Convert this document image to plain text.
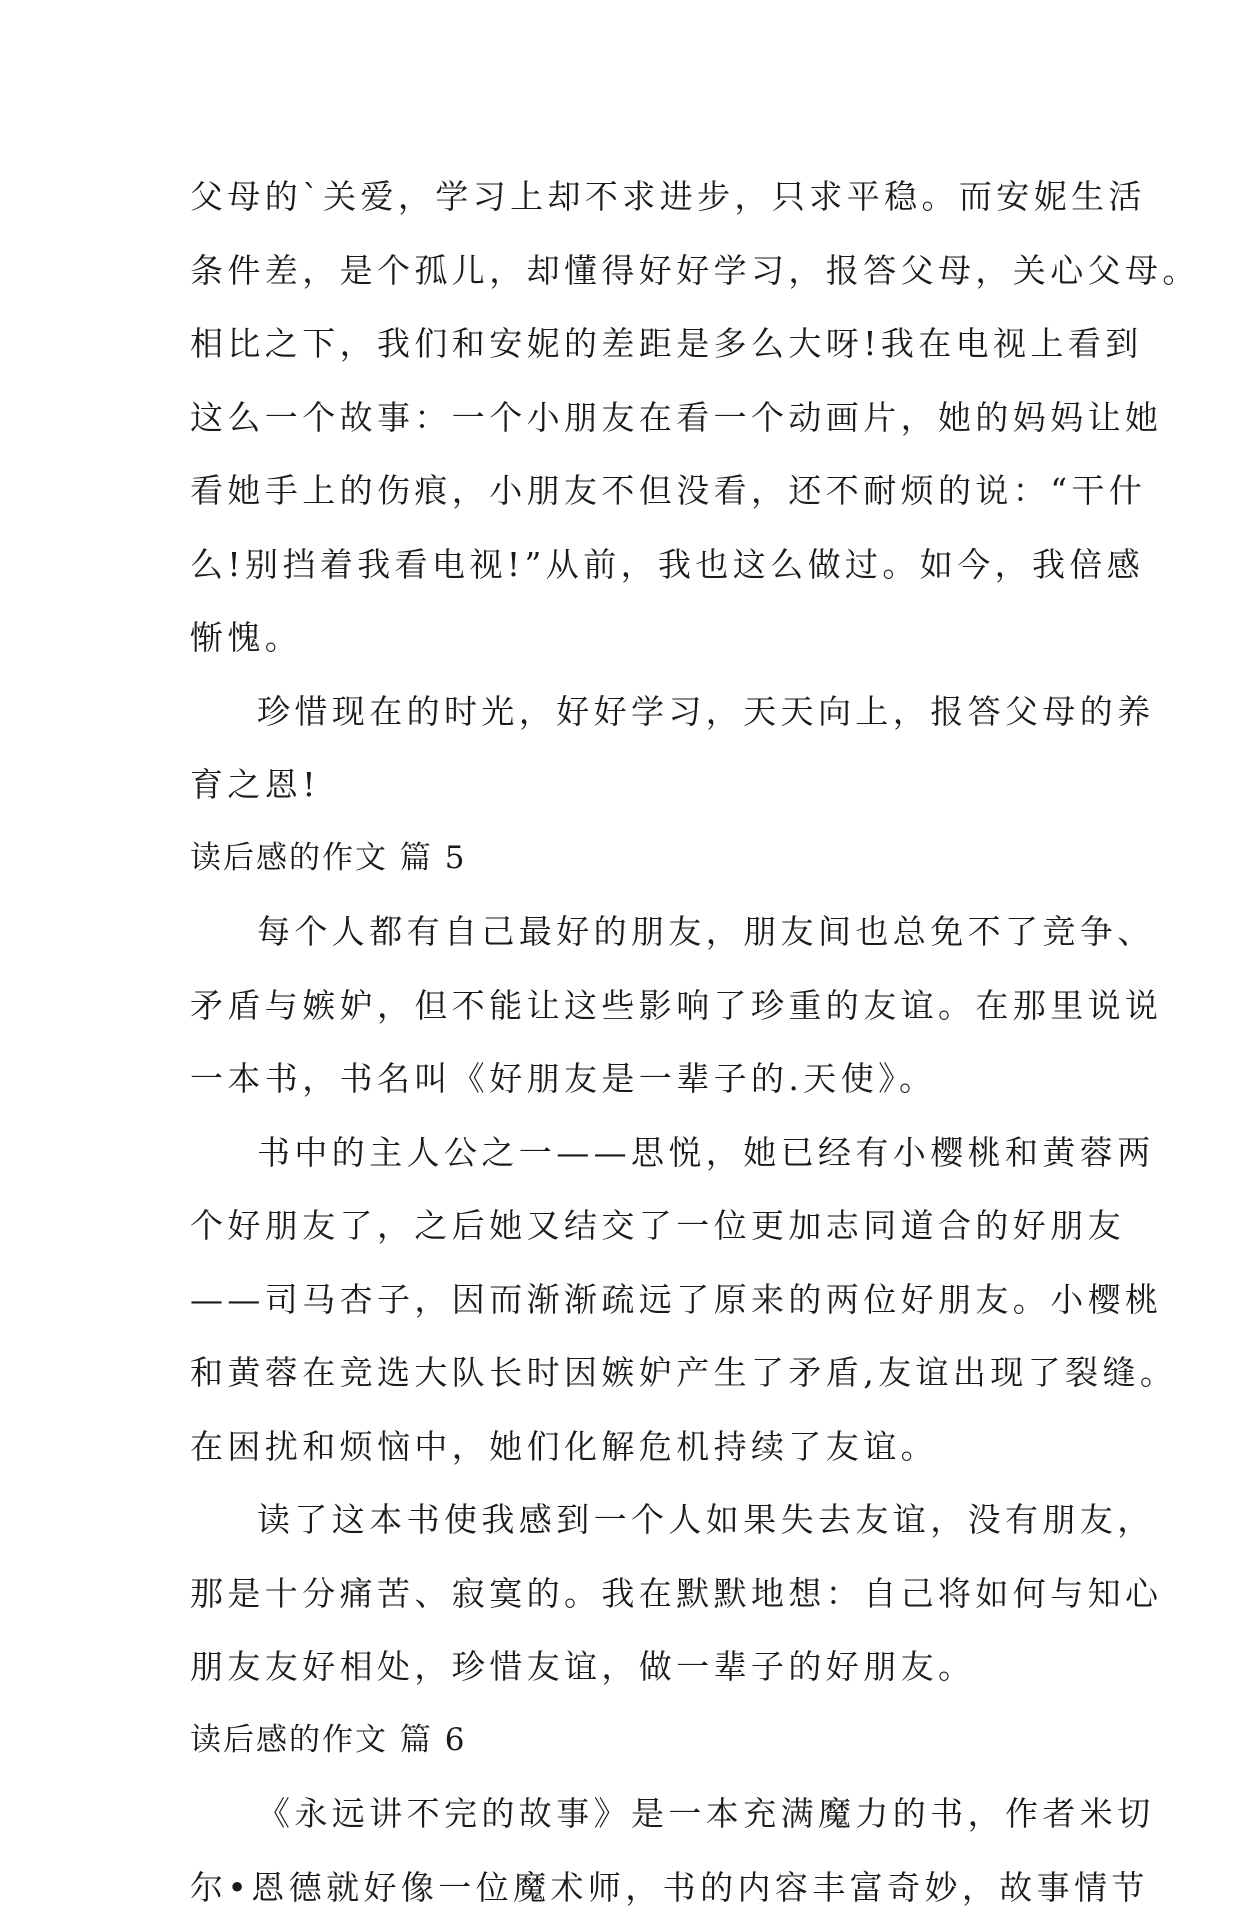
父母的`关爱，学习上却不求进步，只求平稳。而安妮生活
条件差，是个孤儿，却懂得好好学习，报答父母，关心父母。
相比之下，我们和安妮的差距是多么大呀!我在电视上看到
这么一个故事：一个小朋友在看一个动画片，她的妈妈让她
看她手上的伤痕，小朋友不但没看，还不耐烦的说：“干什
么!别挡着我看电视!”从前，我也这么做过。如今，我倍感
惭愧。
珍惜现在的时光，好好学习，天天向上，报答父母的养
育之恩!
读后感的作文 篇 5
每个人都有自己最好的朋友，朋友间也总免不了竞争、
矛盾与嫉妒，但不能让这些影响了珍重的友谊。在那里说说
一本书，书名叫《好朋友是一辈子的.天使》。
书中的主人公之一——思悦，她已经有小樱桃和黄蓉两
个好朋友了，之后她又结交了一位更加志同道合的好朋友
——司马杏子，因而渐渐疏远了原来的两位好朋友。小樱桃
和黄蓉在竞选大队长时因嫉妒产生了矛盾,友谊出现了裂缝。
在困扰和烦恼中，她们化解危机持续了友谊。
读了这本书使我感到一个人如果失去友谊，没有朋友，
那是十分痛苦、寂寞的。我在默默地想：自己将如何与知心
朋友友好相处，珍惜友谊，做一辈子的好朋友。
读后感的作文 篇 6
《永远讲不完的故事》是一本充满魔力的书，作者米切
尔•恩德就好像一位魔术师，书的内容丰富奇妙，故事情节
